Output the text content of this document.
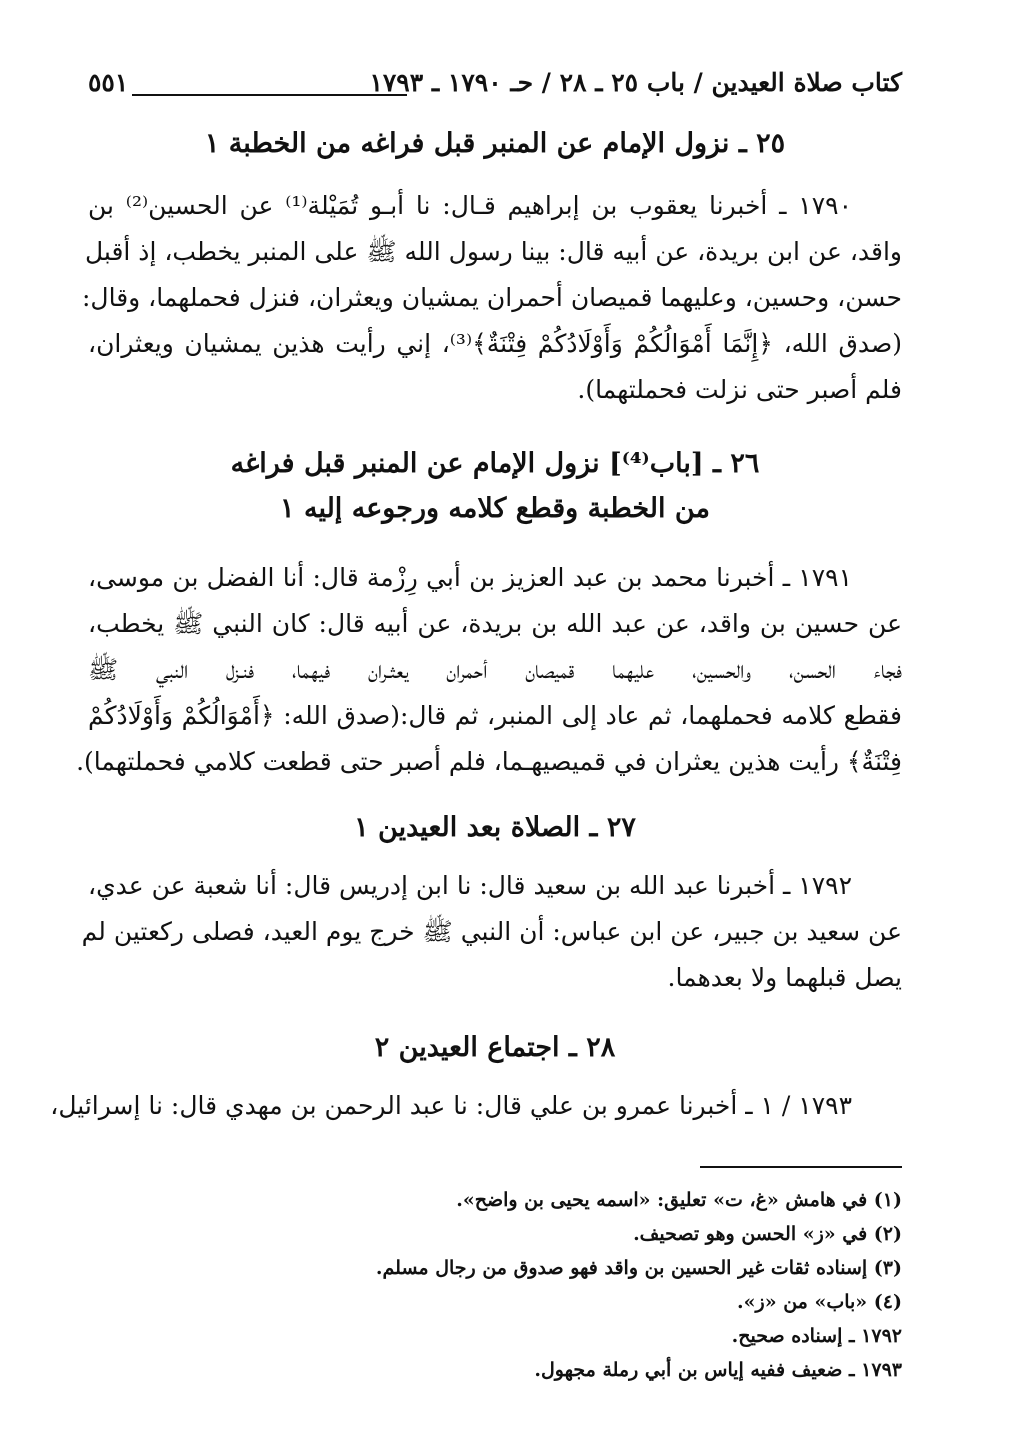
كتاب صلاة العيدين / باب ٢٥ ـ ٢٨ / حـ ١٧٩٠ ـ ١٧٩٣
٥٥١
٢٥ ـ نزول الإمام عن المنبر قبل فراغه من الخطبة ١
١٧٩٠ ـ أخبرنا يعقوب بن إبراهيم قـال: نا أبـو تُمَيْلة⁽¹⁾ عن الحسين⁽²⁾ بن
واقد، عن ابن بريدة، عن أبيه قال: بينا رسول الله ﷺ على المنبر يخطب، إذ أقبل
حسن، وحسين، وعليهما قميصان أحمران يمشيان ويعثران، فنزل فحملهما، وقال:
(صدق الله، ﴿إِنَّمَا أَمْوَالُكُمْ وَأَوْلَادُكُمْ فِتْنَةٌ﴾⁽³⁾، إني رأيت هذين يمشيان ويعثران،
فلم أصبر حتى نزلت فحملتهما).
٢٦ ـ [باب⁽⁴⁾] نزول الإمام عن المنبر قبل فراغه
من الخطبة وقطع كلامه ورجوعه إليه ١
١٧٩١ ـ أخبرنا محمد بن عبد العزيز بن أبي رِزْمة قال: أنا الفضل بن موسى،
عن حسين بن واقد، عن عبد الله بن بريدة، عن أبيه قال: كان النبي ﷺ يخطب،
فجاء الحسن، والحسين، عليهما قميصان أحمران يعثـران فيهما، فنـزل النبي ﷺ
فقطع كلامه فحملهما، ثم عاد إلى المنبر، ثم قال:(صدق الله: ﴿أَمْوَالُكُمْ وَأَوْلَادُكُمْ
فِتْنَةٌ﴾ رأيت هذين يعثران في قميصيهـما، فلم أصبر حتى قطعت كلامي فحملتهما).
٢٧ ـ الصلاة بعد العيدين ١
١٧٩٢ ـ أخبرنا عبد الله بن سعيد قال: نا ابن إدريس قال: أنا شعبة عن عدي،
عن سعيد بن جبير، عن ابن عباس: أن النبي ﷺ خرج يوم العيد، فصلى ركعتين لم
يصل قبلهما ولا بعدهما.
٢٨ ـ اجتماع العيدين ٢
١٧٩٣ / ١ ـ أخبرنا عمرو بن علي قال: نا عبد الرحمن بن مهدي قال: نا إسرائيل،
(١) في هامش «غ، ت» تعليق: «اسمه يحيى بن واضح».
(٢) في «ز» الحسن وهو تصحيف.
(٣) إسناده ثقات غير الحسين بن واقد فهو صدوق من رجال مسلم.
(٤) «باب» من «ز».
١٧٩٢ ـ إسناده صحيح.
١٧٩٣ ـ ضعيف ففيه إياس بن أبي رملة مجهول.
